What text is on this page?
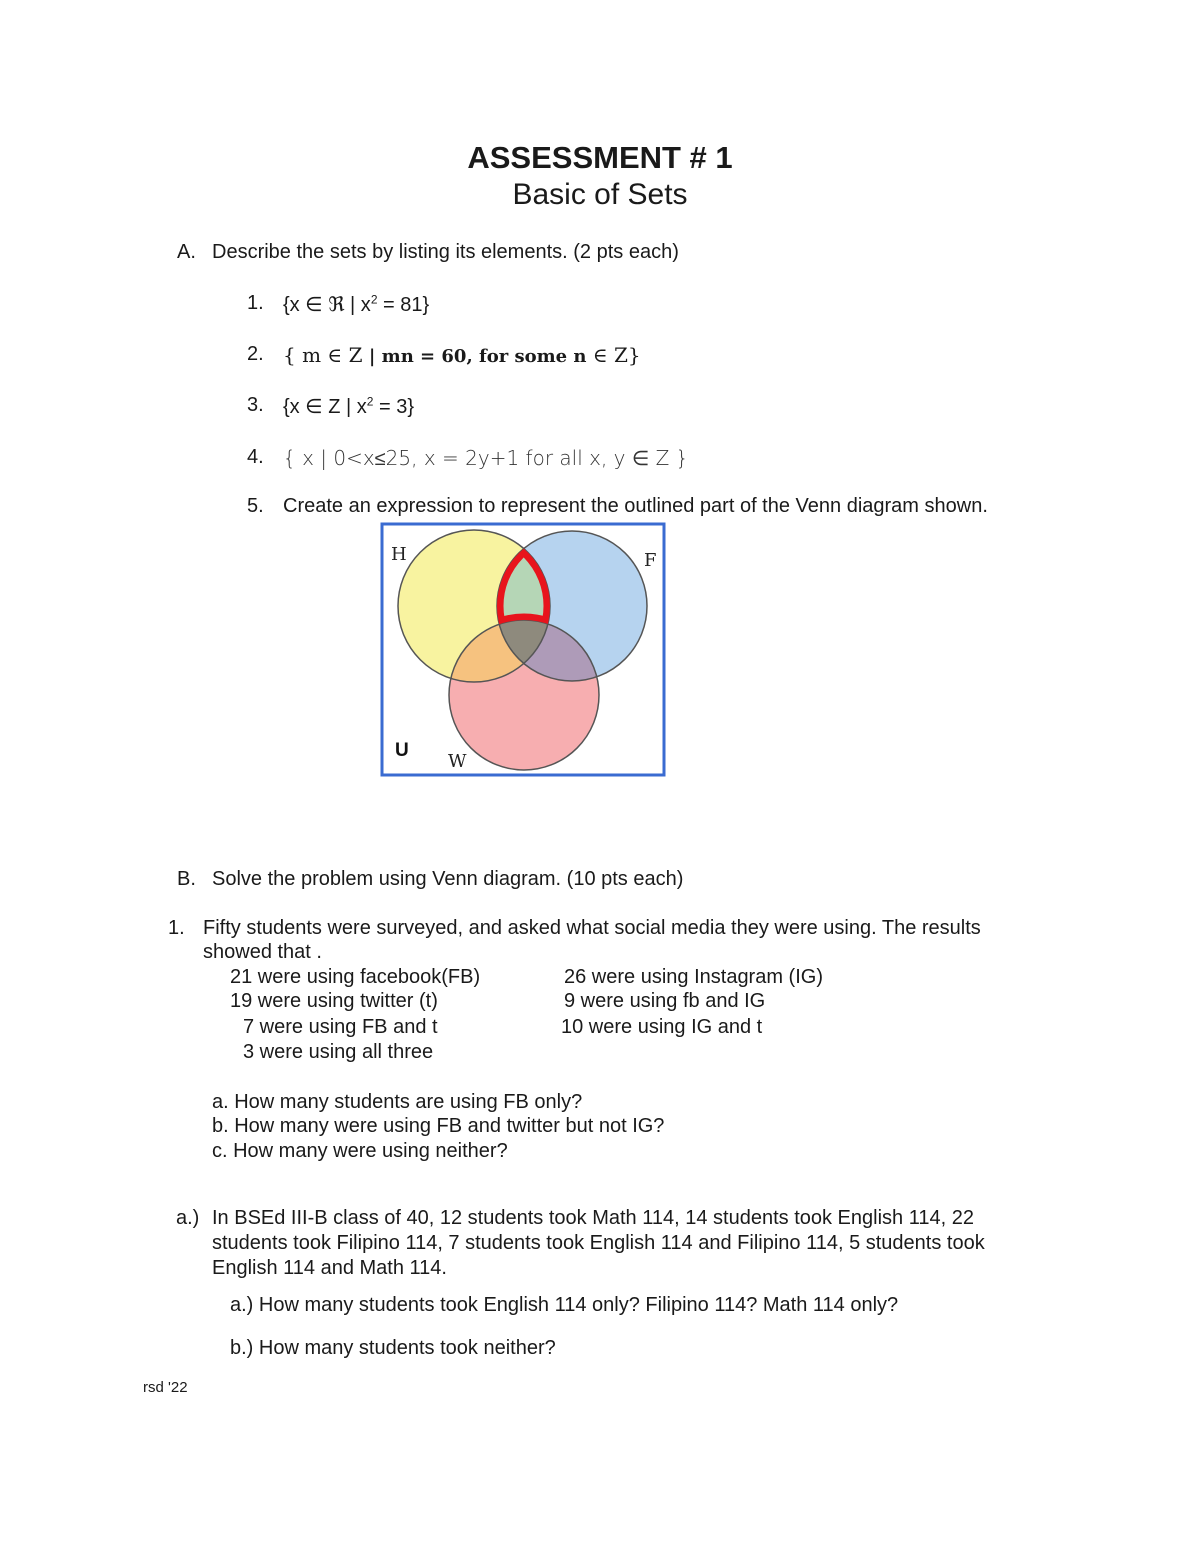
ASSESSMENT # 1
Basic of Sets
A. Describe the sets by listing its elements. (2 pts each)
1. {x ∈ ℜ | $x^2 = 81$}
2. { m ∈ Z | mn = 60, for some n ∈ Z}
3. {x ∈ Z | $x^2 = 3$}
4. { x | 0<x≤25, x = 2y+1 for all x, y ∈ Z }
5. Create an expression to represent the outlined part of the Venn diagram shown.
H	F
W
U
B. Solve the problem using Venn diagram. (10 pts each)
1. Fifty students were surveyed, and asked what social media they were using. The results
showed that .
21 were using facebook(FB)
19 were using twitter (t)
7 were using FB and t
3 were using all three
26 were using Instagram (IG)
9 were using fb and IG
10 were using IG and t
a. How many students are using FB only?
b. How many were using FB and twitter but not IG?
c. How many were using neither?
a.) In BSEd III-B class of 40, 12 students took Math 114, 14 students took English 114, 22
students took Filipino 114, 7 students took English 114 and Filipino 114, 5 students took
English 114 and Math 114.
a.) How many students took English 114 only? Filipino 114? Math 114 only?
b.) How many students took neither?
rsd '22
